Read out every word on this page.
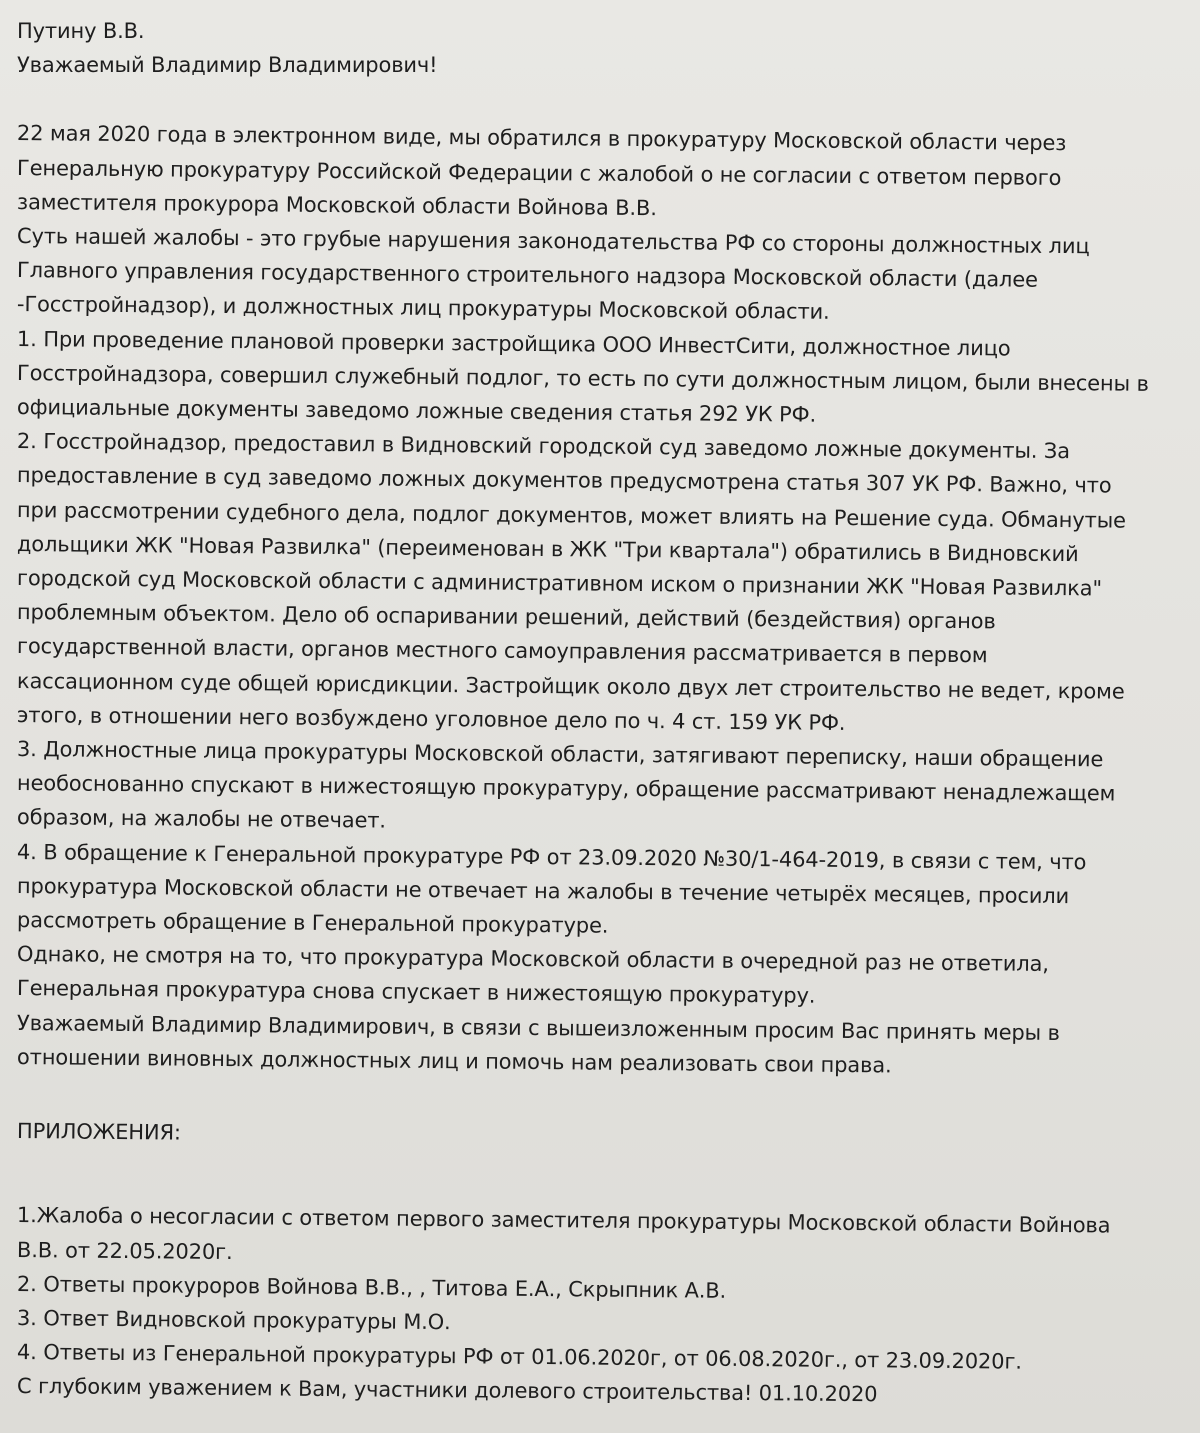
Путину В.В.
Уважаемый Владимир Владимирович!
22 мая 2020 года в электронном виде, мы обратился в прокуратуру Московской области через
Генеральную прокуратуру Российской Федерации с жалобой о не согласии с ответом первого
заместителя прокурора Московской области Войнова В.В.
Суть нашей жалобы - это грубые нарушения законодательства РФ со стороны должностных лиц
Главного управления государственного строительного надзора Московской области (далее
-Госстройнадзор), и должностных лиц прокуратуры Московской области.
1. При проведение плановой проверки застройщика ООО ИнвестСити, должностное лицо
Госстройнадзора, совершил служебный подлог, то есть по сути должностным лицом, были внесены в
официальные документы заведомо ложные сведения статья 292 УК РФ.
2. Госстройнадзор, предоставил в Видновский городской суд заведомо ложные документы. За
предоставление в суд заведомо ложных документов предусмотрена статья 307 УК РФ. Важно, что
при рассмотрении судебного дела, подлог документов, может влиять на Решение суда. Обманутые
дольщики ЖК "Новая Развилка" (переименован в ЖК "Три квартала") обратились в Видновский
городской суд Московской области с административном иском о признании ЖК "Новая Развилка"
проблемным объектом. Дело об оспаривании решений, действий (бездействия) органов
государственной власти, органов местного самоуправления рассматривается в первом
кассационном суде общей юрисдикции. Застройщик около двух лет строительство не ведет, кроме
этого, в отношении него возбуждено уголовное дело по ч. 4 ст. 159 УК РФ.
3. Должностные лица прокуратуры Московской области, затягивают переписку, наши обращение
необоснованно спускают в нижестоящую прокуратуру, обращение рассматривают ненадлежащем
образом, на жалобы не отвечает.
4. В обращение к Генеральной прокуратуре РФ от 23.09.2020 №30/1-464-2019, в связи с тем, что
прокуратура Московской области не отвечает на жалобы в течение четырёх месяцев, просили
рассмотреть обращение в Генеральной прокуратуре.
Однако, не смотря на то, что прокуратура Московской области в очередной раз не ответила,
Генеральная прокуратура снова спускает в нижестоящую прокуратуру.
Уважаемый Владимир Владимирович, в связи с вышеизложенным просим Вас принять меры в
отношении виновных должностных лиц и помочь нам реализовать свои права.
ПРИЛОЖЕНИЯ:
1.Жалоба о несогласии с ответом первого заместителя прокуратуры Московской области Войнова
В.В. от 22.05.2020г.
2. Ответы прокуроров Войнова В.В., , Титова Е.А., Скрыпник А.В.
3. Ответ Видновской прокуратуры М.О.
4. Ответы из Генеральной прокуратуры РФ от 01.06.2020г, от 06.08.2020г., от 23.09.2020г.
С глубоким уважением к Вам, участники долевого строительства! 01.10.2020
